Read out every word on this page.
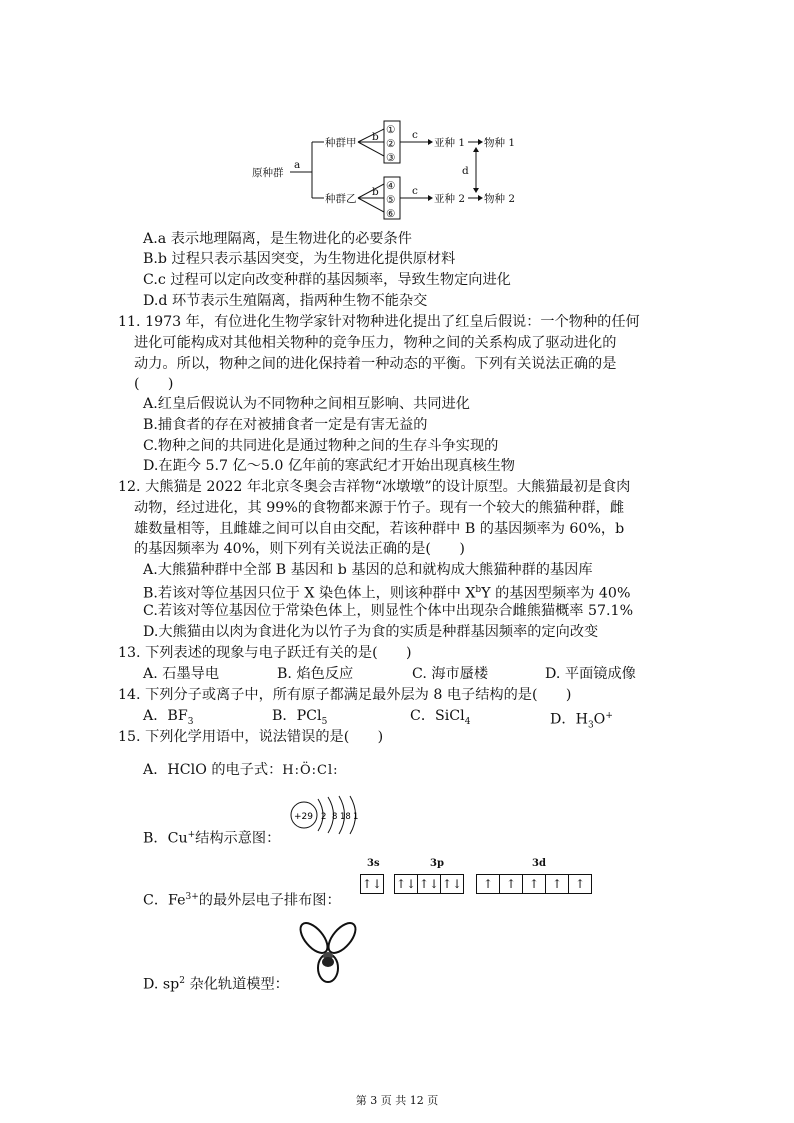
原种群
a
种群甲
种群乙
b
b
①
②
③
④
⑤
⑥
c
c
亚种 1
亚种 2
物种 1
物种 2
d
A.a 表示地理隔离，是生物进化的必要条件
B.b 过程只表示基因突变，为生物进化提供原材料
C.c 过程可以定向改变种群的基因频率，导致生物定向进化
D.d 环节表示生殖隔离，指两种生物不能杂交
11. 1973 年，有位进化生物学家针对物种进化提出了红皇后假说：一个物种的任何
进化可能构成对其他相关物种的竞争压力，物种之间的关系构成了驱动进化的
动力。所以，物种之间的进化保持着一种动态的平衡。下列有关说法正确的是
(　　)
A.红皇后假说认为不同物种之间相互影响、共同进化
B.捕食者的存在对被捕食者一定是有害无益的
C.物种之间的共同进化是通过物种之间的生存斗争实现的
D.在距今 5.7 亿～5.0 亿年前的寒武纪才开始出现真核生物
12. 大熊猫是 2022 年北京冬奥会吉祥物“冰墩墩”的设计原型。大熊猫最初是食肉
动物，经过进化，其 99%的食物都来源于竹子。现有一个较大的熊猫种群，雌
雄数量相等，且雌雄之间可以自由交配，若该种群中 B 的基因频率为 60%，b
的基因频率为 40%，则下列有关说法正确的是(　　)
A.大熊猫种群中全部 B 基因和 b 基因的总和就构成大熊猫种群的基因库
B.若该对等位基因只位于 X 染色体上，则该种群中 $X^bY$ 的基因型频率为 40%
C.若该对等位基因位于常染色体上，则显性个体中出现杂合雌熊猫概率 57.1%
D.大熊猫由以肉为食进化为以竹子为食的实质是种群基因频率的定向改变
13. 下列表述的现象与电子跃迁有关的是(　　)
A. 石墨导电	B. 焰色反应	C. 海市蜃楼	D. 平面镜成像
14. 下列分子或离子中，所有原子都满足最外层为 8 电子结构的是(　　)
A．$BF_3$	B．PCl$_5$	C．SiCl$_4$	D．$H_3O^+$
15. 下列化学用语中，说法错误的是(　　)
A．HClO 的电子式：H:Ö:Cl:
+29 2 8 18 1
B．Cu+结构示意图：
3s	3p	3d
↑↓ ↑↓ ↑↓ ↑↓	↑	↑	↑	↑	↑
C．$Fe^{3+}$的最外层电子排布图：
D. $sp^2$ 杂化轨道模型：
第 3 页 共 12 页
